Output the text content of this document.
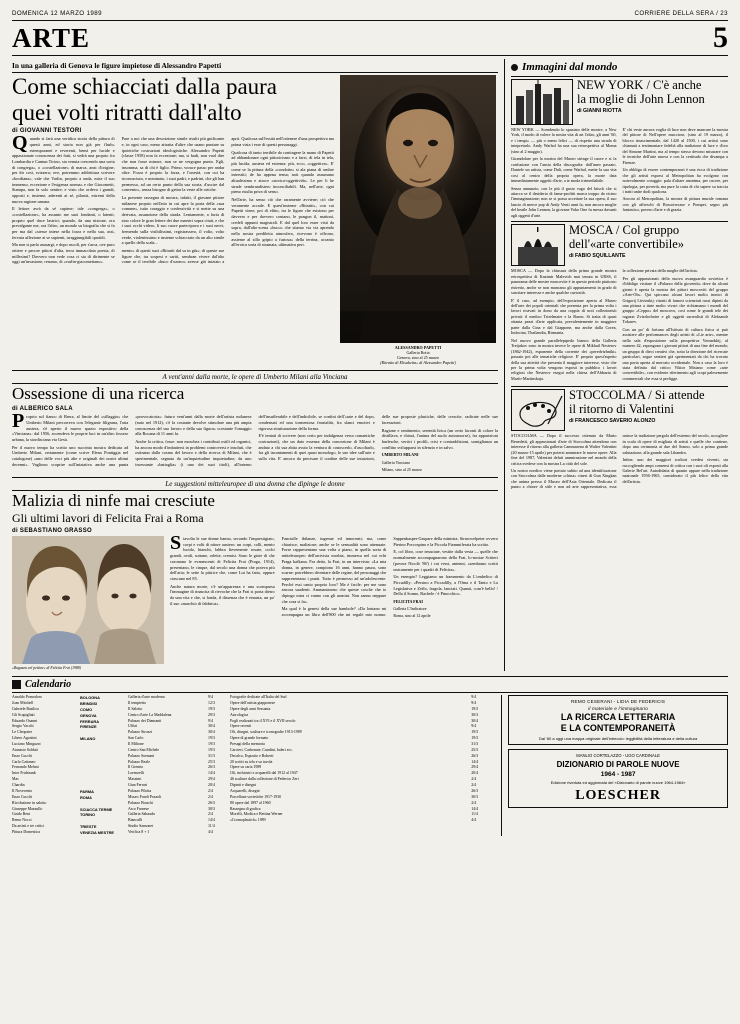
DOMENICA 12 MARZO 1989	CORRIERE DELLA SERA / 23
ARTE	5
In una galleria di Genova le figure impietose di Alessandro Papetti
Come schiacciati dalla paura
quei volti ritratti dall'alto
di GIOVANNI TESTORI

Quando si farà una veridica storia della pittura di questi anni, ed storia non già per flash» estemporanei e reverenti, bensì per lucide e appassionate conoscenza dei fatti, si vedrà una proprio fra Lombardia e Cantun Ticino, sia venuta crescendo una sorta di congrega», o «costellazione» di marca, anzi d'origine, per dir così, svizzera; ove, potremmo addirittura scrivere «bordiana»; vale che Varlin, proprio a onda, mise il suo immenso, eccezione e l'esigenza norma» e che Giacometti, Stampa, non fa solo sentire; e visto che ordeva i grandi, opposti e, insieme, aderenti ai sé, pilastri, estremi della nuova ragione umana.

Il lettore avrà da sé capirne; tale «congrega», o «costellazione», ha assunto me suoi fondanti, o latenti, proprio quel duce lastrici; quando, da una nizione, ora prevalgante me, ora l'altro, un mondo su biografia che si fa per ma dal «stesse intese nella forza e nella sua, assi, fervuta affezione ai se sapienti, irraggiungibili quotidi.

Ma non si parla assuargi, e dopo uscoli, per s'arca, ove puro ottiere e pecore pittori d'alta, terra immacolata poesia, di millesimi? Davvero non vede cosa ci sia di dirimente se oggi un'invasione, resumo, di «varlin-giacometiano».

Pare a noi che una descrizione simile risulti più gnificante e, in ogni caso, meno attratta d'altre che usano puntare su ipotetiche costruzioni ideologistiche. Alessandro Papetti (classe 1958) non fa eccezione; ma, si badi, non vuol dire che non fosse minore, non se ne vergogna punto. Egli, insomma, sa di chi è figlio. Primo, vorace passo per andar oltre. Forza è proprio la forza, e l'onestà, con cui ha riconosciuto, e nominato, i suoi padri, e padrini, che gli han permesso, ad un certo punto della sua storia, d'uscire dal convento», senza bisogno di gettar la veste alle ortiche.

La presente rassegna di mostra, infatti, il giovane pittore milanese proprio nell'atto in cui apre la porta della «sua comune», tutto coraggio e confessività e si mette su una derivata, assunzione della strada. Lentamente, a furia di sino colore le gran lettere dei due maestri sopra citati, e che i suoi occhi videro, li suo cuore partecipava e i suoi nervi, fremendo sulla visibilissimi, registrassero, il volto, volto verde, violentissimo e insieme schiacciato da un alto simile a quello della scala...

mento» di questi suoi «Ritratti dal sa in giù»; di queste sue figure che, tra sospesi e cariti, sembran vivere dal'alto come se il terribile «buco d'ozono» avesse già iniziato a aprii. Qualcosa sull'essità nell'ottenere d'una prospettiva ma prima vista i esse di questi personaggi.

Qualcosa di tanto terribile da contingere la mano di Papetti ad abbandonare ogni pittoricismo e a farsi, di tela in tela, più lucida, austera ed estrema: più, ecco, «oggettiva». E' come se la pittura della «condotte» si ala piana di ombre interstiti; de ha appena tensa; noti quando assumano altualissima e atroce «storica-oggettività». Le per li he strade sembrandistero inconciliabili. Ma, nell'arte, ogni pieno risulta priva di senso.

Nell'arte, ha senso ciò che raramente avviene; ciò che veramente accade. E quest'insieme «Ritratti», con cui Papetti viene, poi di elitto, tra le figure che esistono per davvero e per davvero contano, le pongon il, mattoni, credeli appunti magistrali. E dal quel loro esser visti da sopra, dall'alto-scena «buco» che stiamo via via aprendo nella nostra prediletta atmosfera, ricevono è offrono, assieme al sillo gripto a furiosa» della terrina, accanto all'eroica sorta di stramata, ultimativa peri.

ALESSANDRO PAPETTI
Galleria Rotta
Genova, sino al 25 marzo
(Ritratto di Elisabetta» di Alessandro Papetti)
A vent'anni dalla morte, le opere di Umberto Milani alla Vinciana
Ossessione di una ricerca
di ALBERICO SALA

Proprio sul fianco di Brera, al limite del «sillaggio» che Umberto Milani percorreva con l'elegante filigrana, l'aria austera, s'è aperto il nuovo spazio espositivo della «Vinciana»: dal 1956, accendeva le proprie luci in un'altro fossero urbana, la stordisciana via Gesù.

Per il nuovo tempo ha scritto uno succinta mostra dedicata ad Umberto Milani, certamente (come scrive Elena Pontiggia nel catalogone) «uno delle voci più alte e originali dei nostri ultimi decenni». Vagliono scoprire sull'iniziativa anche una punta «provocatoria»: futuro vent'anni dalla morte dell'artista milanese (nato nel 1912), c'è la costante devolve stimolare una più ampia conoscenza del suo lavoro e della sua figura» scostante l'omaggio alla Rocana di 11 anni fa.

Anche la critica, fosse: non moschea i contributi ostili ed organici, ha ancora modo d'imbattersi in problemi controversi e insoluti, che ostinano dalla cosmo del lavoro e della ricerca di Milani, che è sperimentale, segnata da un'inquietudine inquietudine, da uno incessante «battaglia» (i uno dei suoi titoli), all'interno dell'insufferabile e dell'indicibile, se confini dell'«arte e del dopo, condensati ed una tormentosa frontalità, fra slanci emotivi e rigorosa strutturazione della forma.

E'è tentati di scrivere (non certo per indulgenza verso romantiche costruzioni), che un dato essenza della concezione di Milani è andato a chi sua abita avuto la ventura di conoscerlo, d'ascoltarlo, fra gli incantamenti di quei quasi monologo, le sue idee sull'arte e sulla vita. E' ancora da precisare il confine delle sue intuizioni, delle sue proposte plastiche, delle crescite, radicate nelle sue lacerazioni.

Ragione e sentimento, serenità lirica (un certo laconti di colore la distillava, e chissà, l'anima del suolo autoassorse), fra apparizioni burlesche, vertici i profili, crisi e contraddizioni, somiglianza un conflitto svilupparsi in silenzio e in salvo.

UMBERTO MILANI

Galleria Vinciana

Milano, sino al 25 marzo

Le suggestioni mitteleuropee di una donna che dipinge le donne
Malizia di ninfe mai cresciute
Gli ultimi lavori di Felicita Frai a Roma
di SEBASTIANO GRASSO
«Ragazza col pettine» di Felicita Frai (1988)

Stavolta le sue donne hanno, secondo l'imprestigiato, corpi e volti di nitore austero: un corpi, colli, mento lucido, bianchi, labbra lievemente rosate, occhi grandi, ovali, sottane, orlette, cremisi. Sono le gioie di che coronano le evanescenti di Felicita Frai (Praga, 1914), presentano, le cinque, dal secolo una donna che poteva più dell'aria; le sette la pittrice che, come Lui ha fatto, oppure ciascuno nel 85.

Anche natura morte, c'è un'apparenza e una scomparsa l'immagine di rinascita di rievoche che la Frai si porta dietro da una vita e che, si fonda, il dissenza che è rimasta, un po' il suo «marchio di fabbrica».

Fanciulle ibilanze, ingenue ed innocenti; ma, come chiarisce, maliziose; anche se le sensualità sono attenuate. Forse rappresentano una volta a piano, in quella sorta di mitteleuropeo dell'arrivista morbia, immersa nel cui echi Praga kafkana. Fra detto, la Frai, in un intervista: «La mia donna, in genere, compiono 16 anni, hanno paura, sono scarne: potrebbero diventare delle regine, del personaggi che rappresentano i punti. Tutto è permesso ad un'adolescente. Perché essi canto proprio loro? Ma è facile: per me sono ancora suadenti. Ammantarono che queste cosche che io dipingo mira ci vanno con gli uomini. Non sanno neppure che cosa si fa».

Ma qual è la genesi della sue bambole? «Da lontano mi accompagna un libro dell'800 che mi regalò mio nonno: Sappenkasper-Gaspare della ministra, Struwwelpeter ovvero Pierino Porcospino e la Piccola Fiammiferaia ha scritto.

E, col libro, cose tenaciate, vestite dalla vesta — quelle che normalmente accompagnarono della Frai, lo-nosiae Scitteri (povera Nicolò '86') i cui versi, antenni, «sembrano scritti unicamente per i quadri di Felicita».

Un esempio? Leggiamo un frammento da L'ombelico di Piccadilly: «Persino a Piccadilly, a l'Oma e il Tanto e La Legislativa e Zeffo, fragola, lanciati. Quanti, com'è bello! / Della il Sonno, Rachele / è Pinocchio».

FELICITA FRAI

Galleria L'Indicatore

Roma, sino al 12 aprile

Immagini dal mondo
NEW YORK / C'è anche
la moglie di John Lennon
di GIANNI RIOTTA

NEW YORK — Scendendo lo spaziato delle mostre, a New York, il modo di volere la nostra vita di art l'altro, gli anni '60, e i tempi» — più o meno felici — di rispetto una strada di intepretarlo. Andy Warhol ha una sua retrospettiva al Moma (sino al 2 maggio).

Girandolare per la mostra del Museo stringe il cuore e si fa confusione con l'ansia della discografia: dall'aneo passato. Daniele un artista, come Dali, come Warhol, mette la sua vita cosi al centro della propria opera, la morte data immediatamente oggetti d'arte, a te moda irrimediabile.

Senza annunzio, con le più il gusto vago del kitsch che si attacca se il desiderio di fama-profitti marca troppo da vicino l'immaginazione; non se si possa accettare la sua opera, il suo lancio di merce pop di Andy Venti anni fa, non ancora moglie del beatle John Lennon, la giovane Yoko One fu messa davanti agli oggetti d'arte.

E' chi veste ancora voglia di luce non deve mancare la mostra del pittore di Nell'opere mucciose, (sino al 19 marzo), il blocco rinascimentale, dal 1420 al 1500, i cui artisti sono chiamati a testimoniare fedeltà alla tradizione di luce e d'oro del Simone Martini, ma al tempo stesso devono misurare con le tecniche dell'arte nuova e con la certitudo che divampa a Firenze.

Un obbligo di essere contemporanei è una ricca di tradizione che gli artisti esporsi al Metropolitan ha svolgono con notevolmente coraggio: pala d'altare anonima, per cucere, per tipologia, per povertà, ma pure la carta di chi sapere su traccia i tratti unite dodi qualcosa.

Ancora al Metropolitan, la mostra di pittura murale romana con gli affreschi di Boscotrecase e Pompei, segno più fantastico, povero d'arte e di grazia.

MOSCA / Col gruppo
dell'«arte convertibile»
di FABIO SQUILLANTE

MOSCA — Dopo la chiusura della prima grande mostra retrospettiva di Kazimir Malevich mai tenuta in URSS, il panorama delle mostre moscovite è in questo periodo piuttosto ristretto, anche se non mancano gli appuntamenti in grado di suscitare interesse e anche qualche curiosità.

E' il caso, ad esempio, dell'esposizione aperta al Museo dell'arte dei popoli orientali che presenta per la prima volta i lavori ricavati in dono da una coppia di noti collezionisti privati: il medico Tsirelmaier e la Baron. Si tratta di quasi ottanta pezzi d'arte applicata, prevalentemente in maggiore parte dalla Cina e dal Giappone, ma anche dalla Corea, Indocina, Thailandia, Birmania.

Nel nuovo grande parallelepipedo bianco della Galleria Tretjakov sono in mostra invece le opere di Mikhail Nesterov (1862-1942), esponente della corrente dei «peredvizhniki» passato poi alle tematiche religiose. E' proprio quest'aspetto della sua attività che presenta il maggiore interesse, visto che per la prima volta vengono esposti in pubblico i lavori religiosi che Nesterov eseguì nella chiesa dell'Abbazia di Marfo-Mariinskaja.

la collezione privata della moglie dell'artista.

Per gli appassionati della nuova avanguardia sovietica è d'obbligo visitare il «Palazzo della gioventù» dove da alcuni giorni è aperta la mostra dei pittori moscoviti del gruppo «Arte-Ob». Qui spiccano alcuni lavori molto ironici di Grigorij Litvinskij: ritratti di famosi scienziati russi dipinti da una pittura a tinte molto vivaci che richiamano i mondi del gruppo «Ceppo» del moscovo, così come le grandi tele dei ragazzi Zvizdochoire e gli oggetti surrealisti di Aleksandr Tokarev.

Con un po' di fortuna all'Istituto di cultura fisica si può assistere alle performances degli artisti di «Lie arte», mentre nella sala d'esposizione sulla prospettiva Vernadskij, al numero 42, espongono i giovani pittori di una fine del mondo; un gruppo di dieci creativi che, sotto la direzione del ricercate particolari, segue sentieri già sperimentati da chi ha trovato una porta aperta al mercato occidentale. Non a caso la loro è stata definita dal critico Viktor Misiano come «arte convertibile», con evidente riferimento agli scopi palesemente commerciali che essa si prefigge.

STOCCOLMA / Si attende
il ritorno di Valentini
di FRANCESCO SAVERIO ALONZO

STOCCOLMA — Dopo il successo ottenuto da Mario Benedetti, gli appassionati d'arte di Stoccolma attendono con interesse il ritorno alla galleria Cammarena di Walter Valentini (20 marzo-15 aprile) per potersi ammirare le nuove opere. Alla fine del 1987, Valentini deluti ammirazione nel mondo della critica svedese con la mostra La città del sole.

Un nostro nordico viene portato subito ad una identificazione con Stoccolma dalle moderne «china» cinesi di Gun Xingkan che anima presso il Museo dell'Asia Orientale. Dedicata il punto a chiave di stile e non ad arte rappresentativa, essa unisce la tradizione pergola dell'estremo del secolo, accogliere in scala di opere di migliaia di artisti e quelle che contiene, dopo una cerimonia ai due del Sonno, solo a prima grande salutazione, alla grande sala Libandra.

Infine, uno dei maggiori scultori svedesi viventi, sta raccogliendo ampi consensi di critica con i suoi oli esposti alla Galerie Bel'art. Autodidatta di quanto appare nella tradizione nazionale 1956-1965, considerato il più felice della vita dell'artista.

Calendario
Arnaldo Pomodoro	BOLOGNA	Galleria d'arte moderna	9/4	Fotografie dedicate all'Italia del Sud	9/4
Joan Mitchell	BRINDISI	Il tempietto	12/3	Opere dell'artista giapponese	9/4
Gabriele Basilico	COMO	Il Salotto	19/3	Opere degli anni Sessanta	19/3
Gli Scapigliati	GENOVA	Centro d'arte La Maddalena	29/3	Astrologica	30/3
Eduardo Osanni	FERRARA	Palazzo dei Diamanti	9/4	Fogli realizzati tra il XVI e il XVII secolo	30/4
Sergio Vacchi	FIRENZE	Uffizi	30/4	Opere recenti	9/4
Le Cleopatre		Palazzo Strozzi	30/4	Oli, disegni, sculture e iconografie 1913-1989	19/3
Libero Agostini	MILANO	San Carlo	19/3	Opere di grande formato	19/3
Luciano Minguzzi		Il Milione	19/3	Presagi della memoria	31/3
Atanasio Soldati		Centro San Michele	19/3	Carcieri, Carbonate, Cundini, baleri ecc.	25/3
Enzo Cucchi		Palazzo Sormani	31/3	Decalco, Esposito e Roberti	26/3
Carlo Cattaneo		Palazzo Reale	25/3	20 scritti su tela e su tavola	14/4
Fernando Melani		Il Gremio	26/3	Opere su carta 1989	29/4
Inter Fruhtrunk		Lorenzelli	14/4	Oli, inchiostri e acquarelli dal 1912 al 1947	20/4
Mac		Massimi	29/4	46 sculture dalla collezione di Federico Zeri	2/4
Chardin		Gian Ferrari	20/4	Dipinti e disegni	2/4
Il Novecento	PARMA	Palazzo Pilotta	2/4	Acquarelli, disegni	26/3
Enzo Cucchi	ROMA	Museo Fondi Pozzoli	2/4	Porcellane sovietiche 1917-1930	30/3
Rivoluzione in salotto		Palazzo Braschi	26/3	80 opere dal 1897 al 1960	2/4
Giuseppe Mazzullo	SCIACCA TERME	Arco Farnese	30/3	Rassegna di grafica	14/4
Guido Reni	TORINO	Galleria Sabauda	2/4	Morelli, Modica e Bettina Werner	11/4
Remo Nocci		Bianculli	14/4	«Cromoplastich» 1989	4/4
Da artisti e tre critici	TRIESTE	Studio Sansonet	11/4		
Pittura Domestica	VENEZIA MESTRE	Verifica 8 + 1	4/4		
REMO CESERANI - LIDIA DE FEDERICIS
il materiale e l'immaginario
LA RICERCA LETTERARIA
E LA CONTEMPORANEITÀ
Dal '60 a oggi una mappa originale dell'intreccio: leggibilità della letteratura e della cultura
MANLIO CORTELAZZO - UGO CARDINALE
DIZIONARIO DI PAROLE NUOVE
1964 - 1987
Edizione riveduta ed aggiornata del «Dizionario di parole nuove 1964-1984»
LOESCHER
